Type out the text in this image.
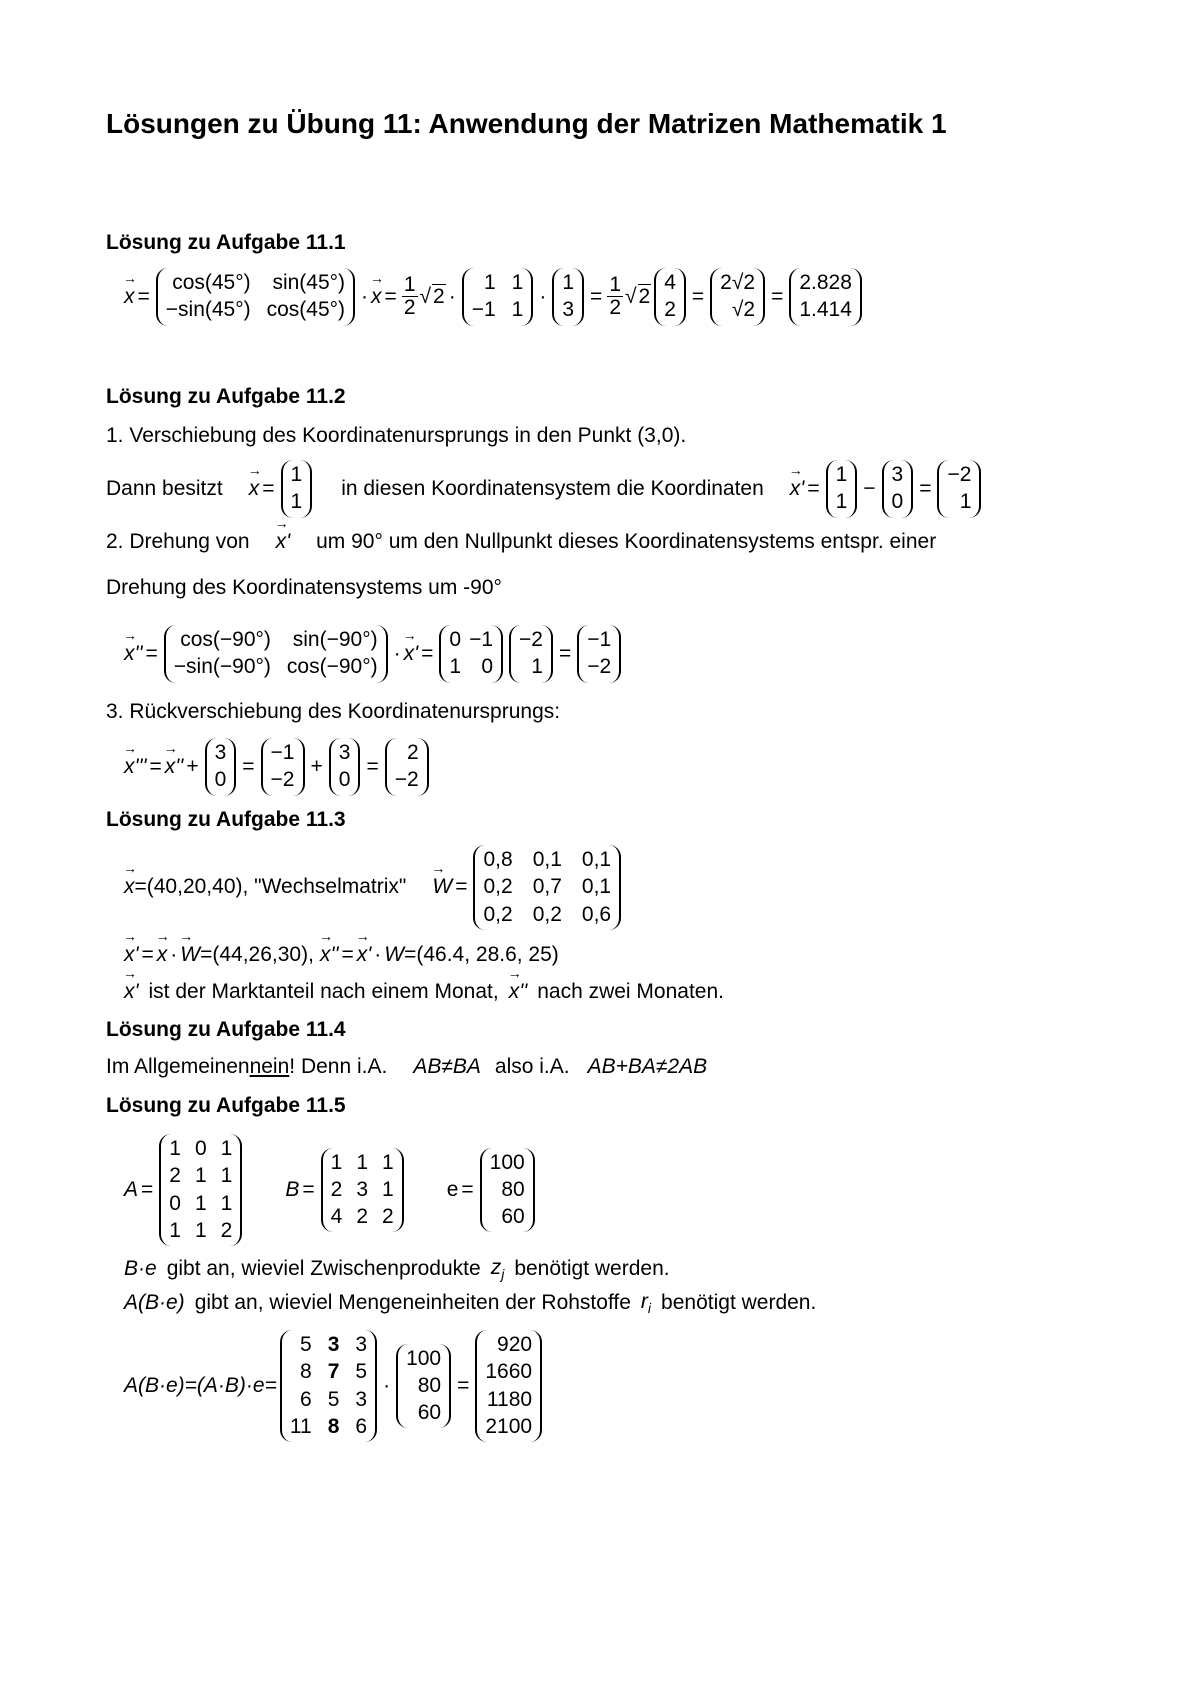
Lösungen zu Übung 11: Anwendung der Matrizen Mathematik 1
Lösung zu Aufgabe 11.1
→ x =
cos(45°) sin(45°)
−sin(45°) cos(45°)
· → $x = \frac{1}{2}$ √ 2 ·
1 1
−1 1
·
1
3
= $\frac{1}{2}$ √ 2
4
2
=
2√2
√2
=
2.828
1.414
Lösung zu Aufgabe 11.2
1. Verschiebung des Koordinatenursprungs in den Punkt (3,0).
Dann besitzt → x =
1
1
in diesen Koordinatensystem die Koordinaten → x' =
1
1
−
3
0
=
−2
1
2. Drehung von → x' um 90° um den Nullpunkt dieses Koordinatensystems entspr. einer
Drehung des Koordinatensystems um -90°
→ x'' =
cos(−90°) sin(−90°)
−sin(−90°) cos(−90°)
· → x' =
0 −1
1 0
−2
1
=
−1
−2
3. Rückverschiebung des Koordinatenursprungs:
→ x''' = → x'' +
3
0
=
−1
−2
+
3
0
=
2
−2
Lösung zu Aufgabe 11.3
→ x =(40,20,40), "Wechselmatrix" → W =
0,8 0,1 0,1
0,2 0,7 0,1
0,2 0,2 0,6
→ x' = → x · → W =(44,26,30), → x'' = → x' · W =(46.4, 28.6, 25)
→ x' ist der Marktanteil nach einem Monat, → x'' nach zwei Monaten.
Lösung zu Aufgabe 11.4
Im Allgemeinen nein ! Denn i.A. AB≠BA also i.A. AB+BA≠2AB
Lösung zu Aufgabe 11.5
A =
1 0 1
2 1 1
0 1 1
1 1 2
B =
1 1 1
2 3 1
4 2 2
e =
100
80
60
B·e gibt an, wieviel Zwischenprodukte $z_j$ benötigt werden.
A(B·e) gibt an, wieviel Mengeneinheiten der Rohstoffe $r_i$ benötigt werden.
A(B·e)=(A·B)·e=
5 3 3
8 7 5
6 5 3
11 8 6
·
100
80
60
=
920
1660
1180
2100
